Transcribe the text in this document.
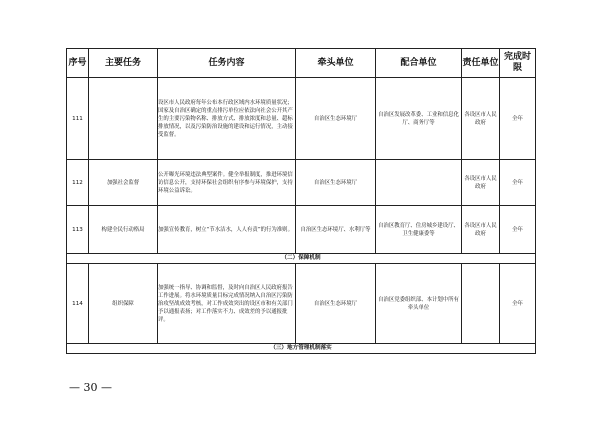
序号	主要任务	任务内容	牵头单位	配合单位	责任单位	完成时限
111		设区市人民政府每年公布本行政区域内水环境质量状况；国家及自治区确定的重点排污单位应依法向社会公开其产生的主要污染物名称、排放方式、排放浓度和总量、超标排放情况，以及污染防治设施的建设和运行情况，主动接受监督。	自治区生态环境厅	自治区发展改革委、工业和信息化厅、商务厅等	各设区市人民政府	全年
112	加强社会监督	公开曝光环境违法典型案件。健全举报制度，推进环境信访信息公开，支持环保社会组织有序参与环境保护，支持环境公益诉讼。	自治区生态环境厅		各设区市人民政府	全年
113	构建全民行动格局	加强宣传教育，树立“节水洁水，人人有责”的行为准则。	自治区生态环境厅、水利厅等	自治区教育厅、住房城乡建设厅、卫生健康委等	各设区市人民政府	全年
（二）保障机制						
114	组织保障	加强统一指导、协调和监督，及时向自治区人民政府报告工作进展。将水环境质量目标完成情况纳入自治区污染防治攻坚战成效考核，对工作成效突出的设区市和有关部门予以通报表扬；对工作落实不力、成效差的予以通报批评。	自治区生态环境厅	自治区党委组织部、本计划中所有牵头单位		全年
（三）地方管理机制落实						
— 30 —
